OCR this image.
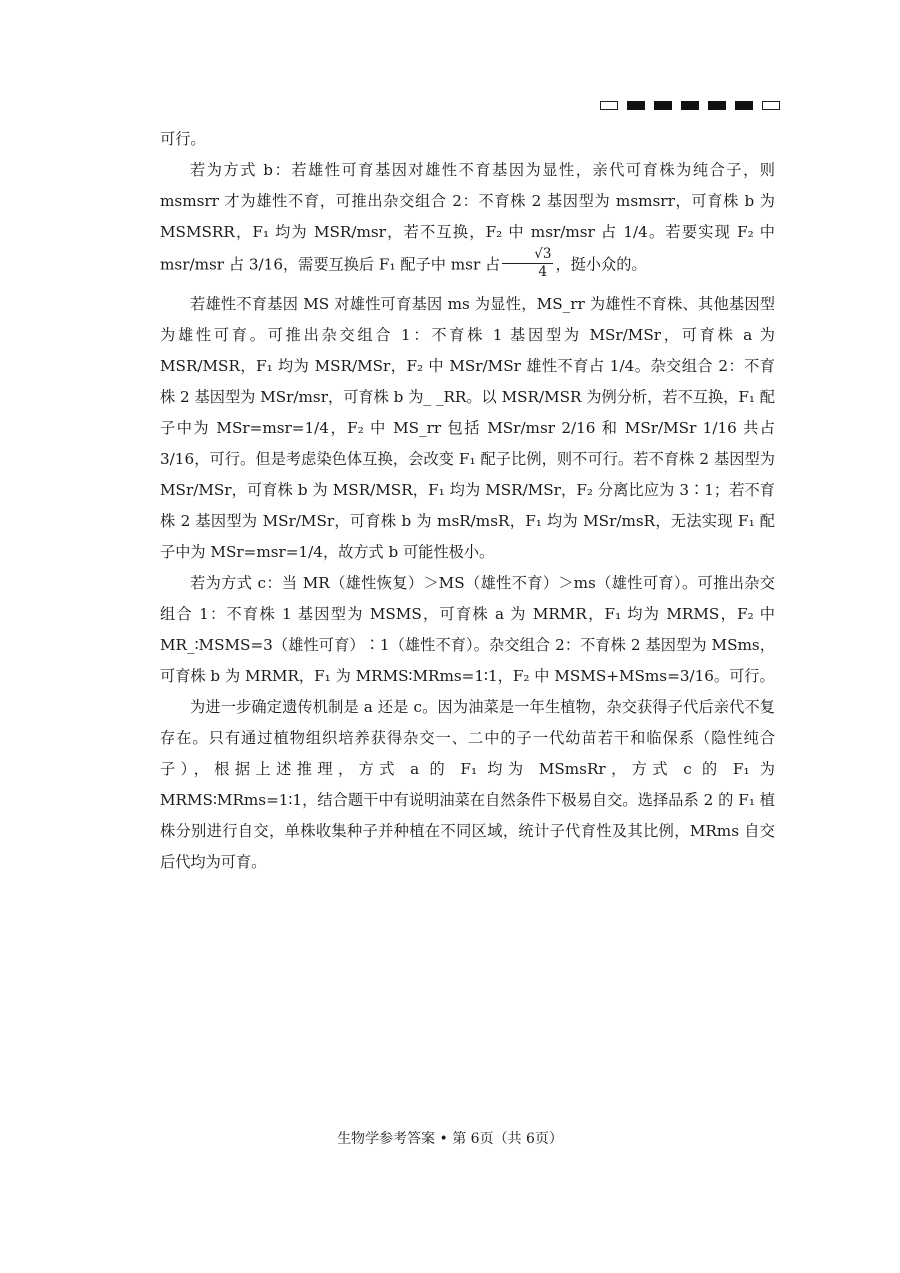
可行。

若为方式 b：若雄性可育基因对雄性不育基因为显性，亲代可育株为纯合子，则 msmsrr 才为雄性不育，可推出杂交组合 2：不育株 2 基因型为 msmsrr，可育株 b 为 MSMSRR，F₁ 均为 MSR/msr，若不互换，F₂ 中 msr/msr 占 1/4。若要实现 F₂ 中 msr/msr 占 3/16，需要互换后 F₁ 配子中 msr 占 $\frac{√3}{4}$ ，挺小众的。

若雄性不育基因 MS 对雄性可育基因 ms 为显性，MS_rr 为雄性不育株、其他基因型为雄性可育。可推出杂交组合 1：不育株 1 基因型为 MSr/MSr，可育株 a 为 MSR/MSR，F₁ 均为 MSR/MSr，F₂ 中 MSr/MSr 雄性不育占 1/4。杂交组合 2：不育株 2 基因型为 MSr/msr，可育株 b 为_ _RR。以 MSR/MSR 为例分析，若不互换，F₁ 配子中为 MSr=msr=1/4，F₂ 中 MS_rr 包括 MSr/msr 2/16 和 MSr/MSr 1/16 共占 3/16，可行。但是考虑染色体互换，会改变 F₁ 配子比例，则不可行。若不育株 2 基因型为 MSr/MSr，可育株 b 为 MSR/MSR，F₁ 均为 MSR/MSr，F₂ 分离比应为 3∶1；若不育株 2 基因型为 MSr/MSr，可育株 b 为 msR/msR，F₁ 均为 MSr/msR，无法实现 F₁ 配子中为 MSr=msr=1/4，故方式 b 可能性极小。

若为方式 c：当 MR（雄性恢复）＞MS（雄性不育）＞ms（雄性可育）。可推出杂交组合 1：不育株 1 基因型为 MSMS，可育株 a 为 MRMR，F₁ 均为 MRMS，F₂ 中 MR_∶MSMS=3（雄性可育）∶1（雄性不育）。杂交组合 2：不育株 2 基因型为 MSms，可育株 b 为 MRMR，F₁ 为 MRMS∶MRms=1∶1，F₂ 中 MSMS+MSms=3/16。可行。

为进一步确定遗传机制是 a 还是 c。因为油菜是一年生植物，杂交获得子代后亲代不复存在。只有通过植物组织培养获得杂交一、二中的子一代幼苗若干和临保系（隐性纯合子），根据上述推理，方式 a 的 F₁ 均为 MSmsRr，方式 c 的 F₁ 为 MRMS∶MRms=1∶1，结合题干中有说明油菜在自然条件下极易自交。选择品系 2 的 F₁ 植株分别进行自交，单株收集种子并种植在不同区域，统计子代育性及其比例，MRms 自交后代均为可育。

生物学参考答案 • 第 6页（共 6页）
